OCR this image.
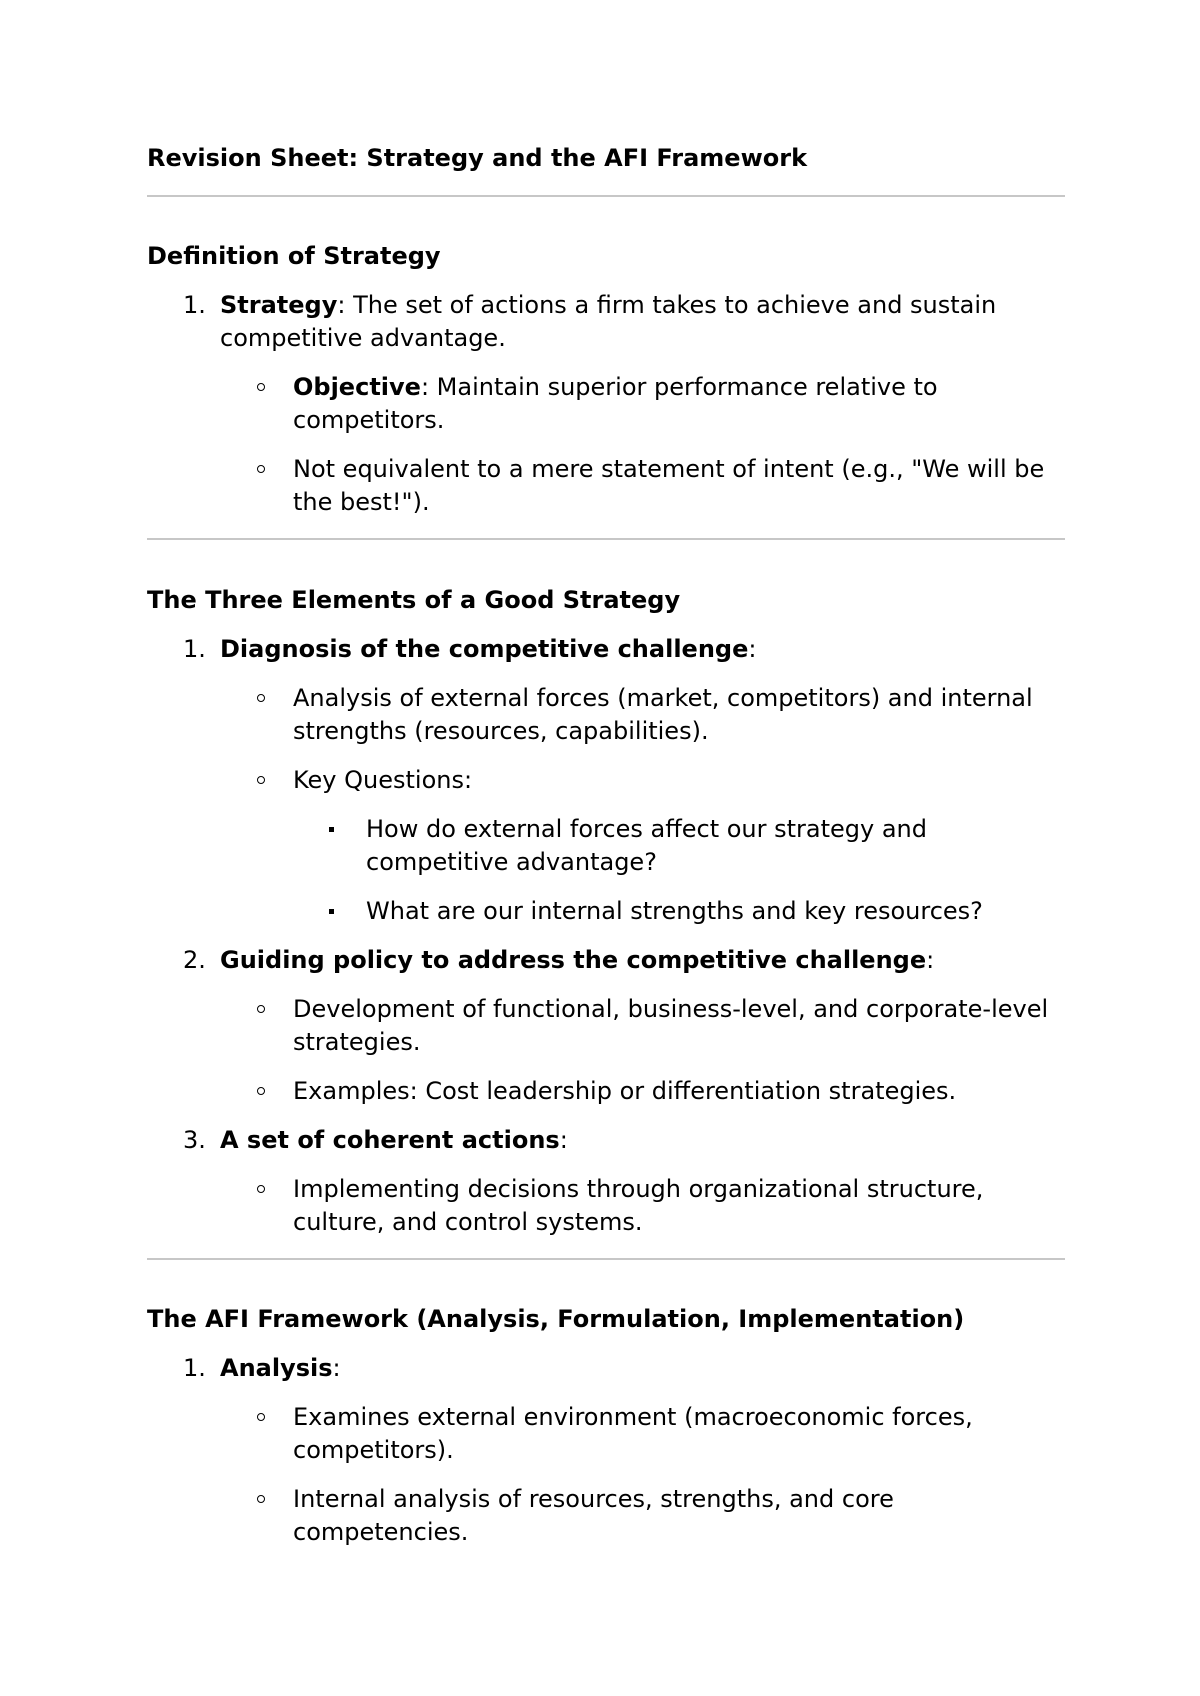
Revision Sheet: Strategy and the AFI Framework
Definition of Strategy
1. Strategy: The set of actions a firm takes to achieve and sustain competitive advantage.
Objective: Maintain superior performance relative to competitors.
Not equivalent to a mere statement of intent (e.g., "We will be the best!").
The Three Elements of a Good Strategy
1. Diagnosis of the competitive challenge:
Analysis of external forces (market, competitors) and internal strengths (resources, capabilities).
Key Questions:
How do external forces affect our strategy and competitive advantage?
What are our internal strengths and key resources?
2. Guiding policy to address the competitive challenge:
Development of functional, business-level, and corporate-level strategies.
Examples: Cost leadership or differentiation strategies.
3. A set of coherent actions:
Implementing decisions through organizational structure, culture, and control systems.
The AFI Framework (Analysis, Formulation, Implementation)
1. Analysis:
Examines external environment (macroeconomic forces, competitors).
Internal analysis of resources, strengths, and core competencies.
